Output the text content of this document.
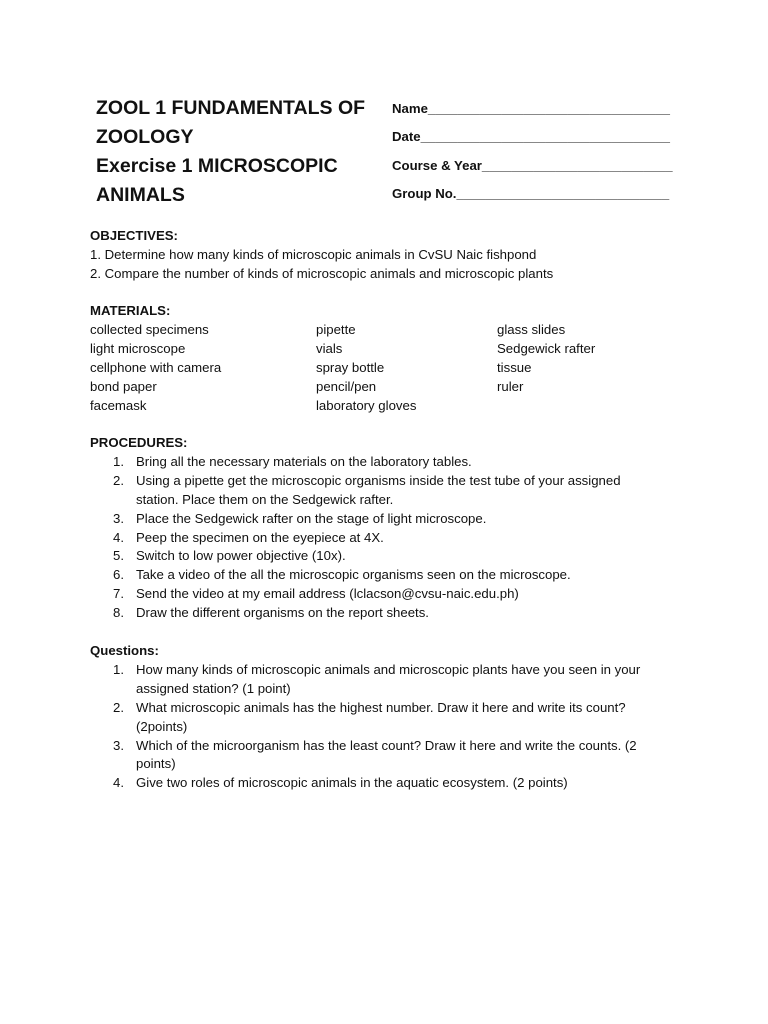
ZOOL 1 FUNDAMENTALS OF
ZOOLOGY
Exercise 1 MICROSCOPIC
ANIMALS
Name_________________________________
Date__________________________________
Course & Year__________________________
Group No._____________________________
OBJECTIVES:
1. Determine how many kinds of microscopic animals in CvSU Naic fishpond
2. Compare the number of kinds of microscopic animals and microscopic plants
MATERIALS:
collected specimens	pipette	glass slides
light microscope	vials	Sedgewick rafter
cellphone with camera	spray bottle	tissue
bond paper	pencil/pen	ruler
facemask	laboratory gloves
PROCEDURES:
1. Bring all the necessary materials on the laboratory tables.
2. Using a pipette get the microscopic organisms inside the test tube of your assigned
station. Place them on the Sedgewick rafter.
3. Place the Sedgewick rafter on the stage of light microscope.
4. Peep the specimen on the eyepiece at 4X.
5. Switch to low power objective (10x).
6. Take a video of the all the microscopic organisms seen on the microscope.
7. Send the video at my email address (lclacson@cvsu-naic.edu.ph)
8. Draw the different organisms on the report sheets.
Questions:
1. How many kinds of microscopic animals and microscopic plants have you seen in your
assigned station? (1 point)
2. What microscopic animals has the highest number. Draw it here and write its count?
(2points)
3. Which of the microorganism has the least count? Draw it here and write the counts. (2
points)
4. Give two roles of microscopic animals in the aquatic ecosystem. (2 points)
